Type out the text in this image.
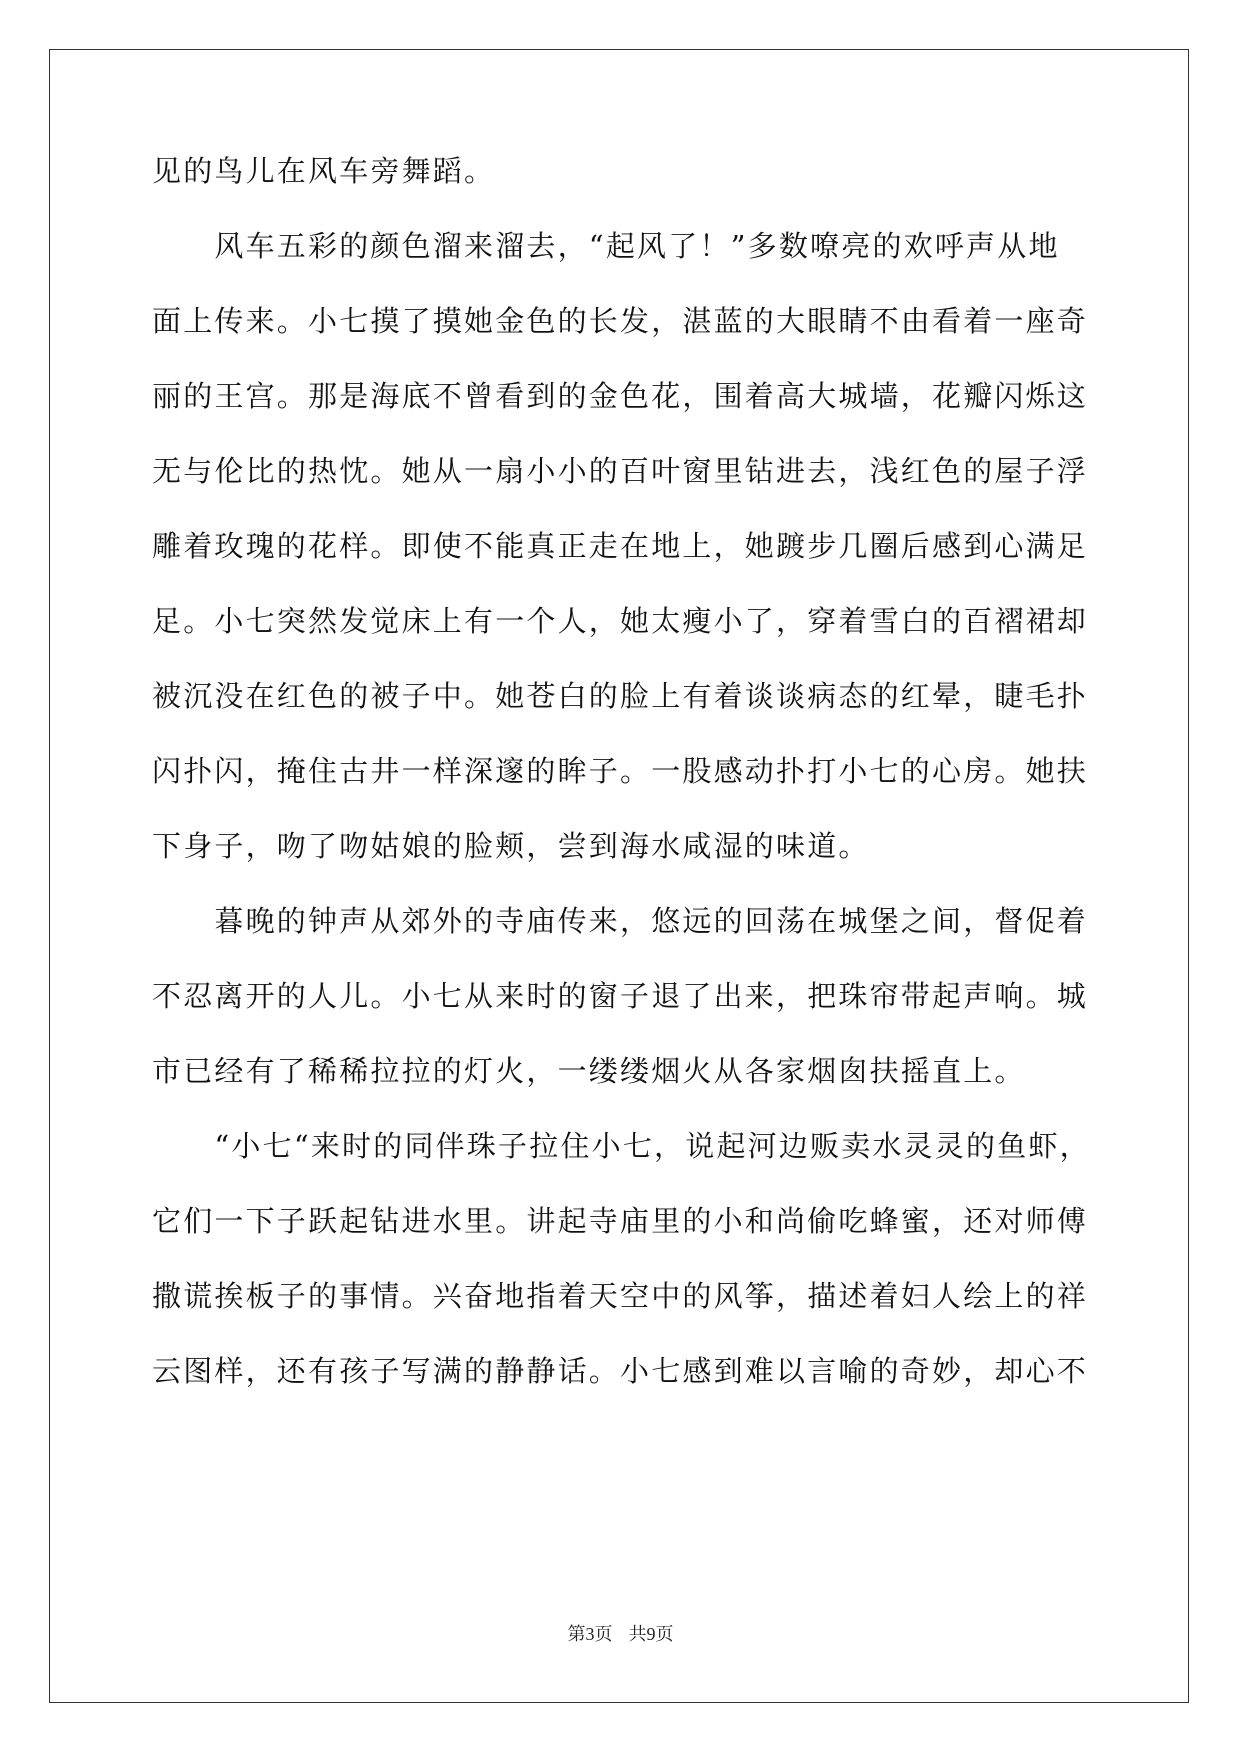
见的鸟儿在风车旁舞蹈。
　　风车五彩的颜色溜来溜去，“起风了！”多数嘹亮的欢呼声从地
面上传来。小七摸了摸她金色的长发，湛蓝的大眼睛不由看着一座奇
丽的王宫。那是海底不曾看到的金色花，围着高大城墙，花瓣闪烁这
无与伦比的热忱。她从一扇小小的百叶窗里钻进去，浅红色的屋子浮
雕着玫瑰的花样。即使不能真正走在地上，她踱步几圈后感到心满足
足。小七突然发觉床上有一个人，她太瘦小了，穿着雪白的百褶裙却
被沉没在红色的被子中。她苍白的脸上有着谈谈病态的红晕，睫毛扑
闪扑闪，掩住古井一样深邃的眸子。一股感动扑打小七的心房。她扶
下身子，吻了吻姑娘的脸颊，尝到海水咸湿的味道。
　　暮晚的钟声从郊外的寺庙传来，悠远的回荡在城堡之间，督促着
不忍离开的人儿。小七从来时的窗子退了出来，把珠帘带起声响。城
市已经有了稀稀拉拉的灯火，一缕缕烟火从各家烟囱扶摇直上。
　　“小七“来时的同伴珠子拉住小七，说起河边贩卖水灵灵的鱼虾，
它们一下子跃起钻进水里。讲起寺庙里的小和尚偷吃蜂蜜，还对师傅
撒谎挨板子的事情。兴奋地指着天空中的风筝，描述着妇人绘上的祥
云图样，还有孩子写满的静静话。小七感到难以言喻的奇妙，却心不
第3页 共9页
